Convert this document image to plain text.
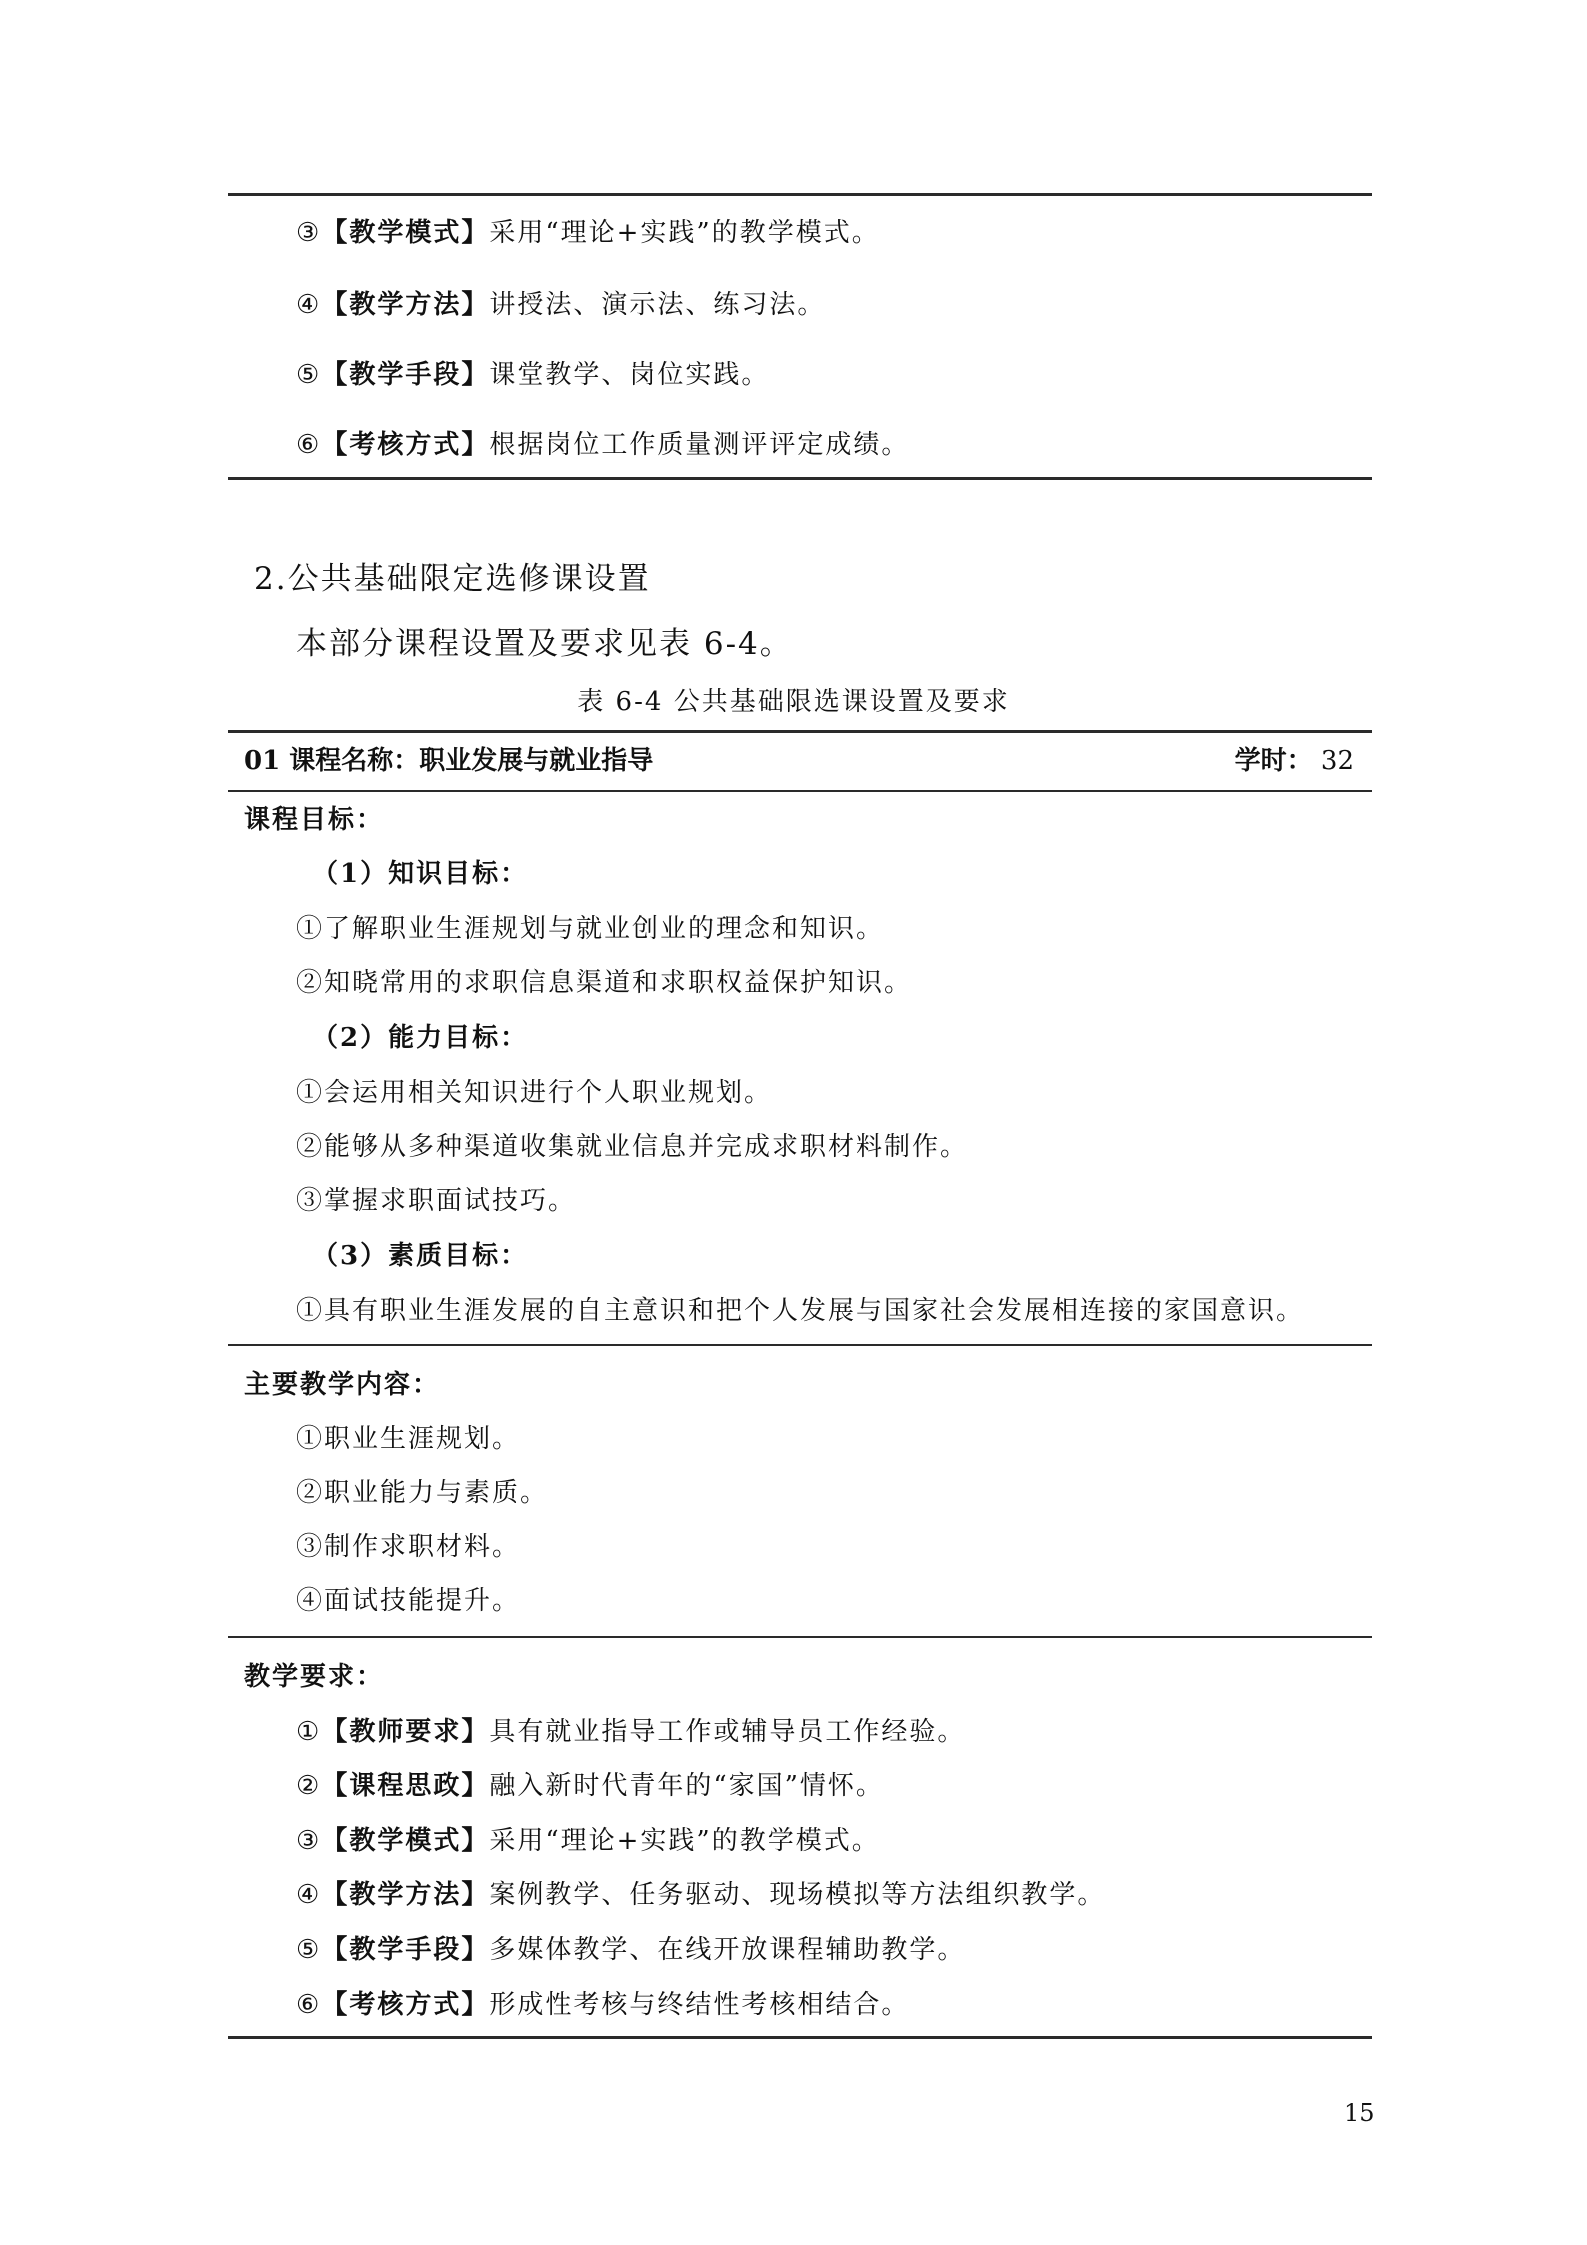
③【教学模式】采用“理论+实践”的教学模式。
④【教学方法】讲授法、演示法、练习法。
⑤【教学手段】课堂教学、岗位实践。
⑥【考核方式】根据岗位工作质量测评评定成绩。
2.公共基础限定选修课设置
本部分课程设置及要求见表 6-4。
表 6-4 公共基础限选课设置及要求
01 课程名称：职业发展与就业指导	学时： 32
课程目标：
（1）知识目标：
①了解职业生涯规划与就业创业的理念和知识。
②知晓常用的求职信息渠道和求职权益保护知识。
（2）能力目标：
①会运用相关知识进行个人职业规划。
②能够从多种渠道收集就业信息并完成求职材料制作。
③掌握求职面试技巧。
（3）素质目标：
①具有职业生涯发展的自主意识和把个人发展与国家社会发展相连接的家国意识。
主要教学内容：
①职业生涯规划。
②职业能力与素质。
③制作求职材料。
④面试技能提升。
教学要求：
①【教师要求】具有就业指导工作或辅导员工作经验。
②【课程思政】融入新时代青年的“家国”情怀。
③【教学模式】采用“理论+实践”的教学模式。
④【教学方法】案例教学、任务驱动、现场模拟等方法组织教学。
⑤【教学手段】多媒体教学、在线开放课程辅助教学。
⑥【考核方式】形成性考核与终结性考核相结合。
15
